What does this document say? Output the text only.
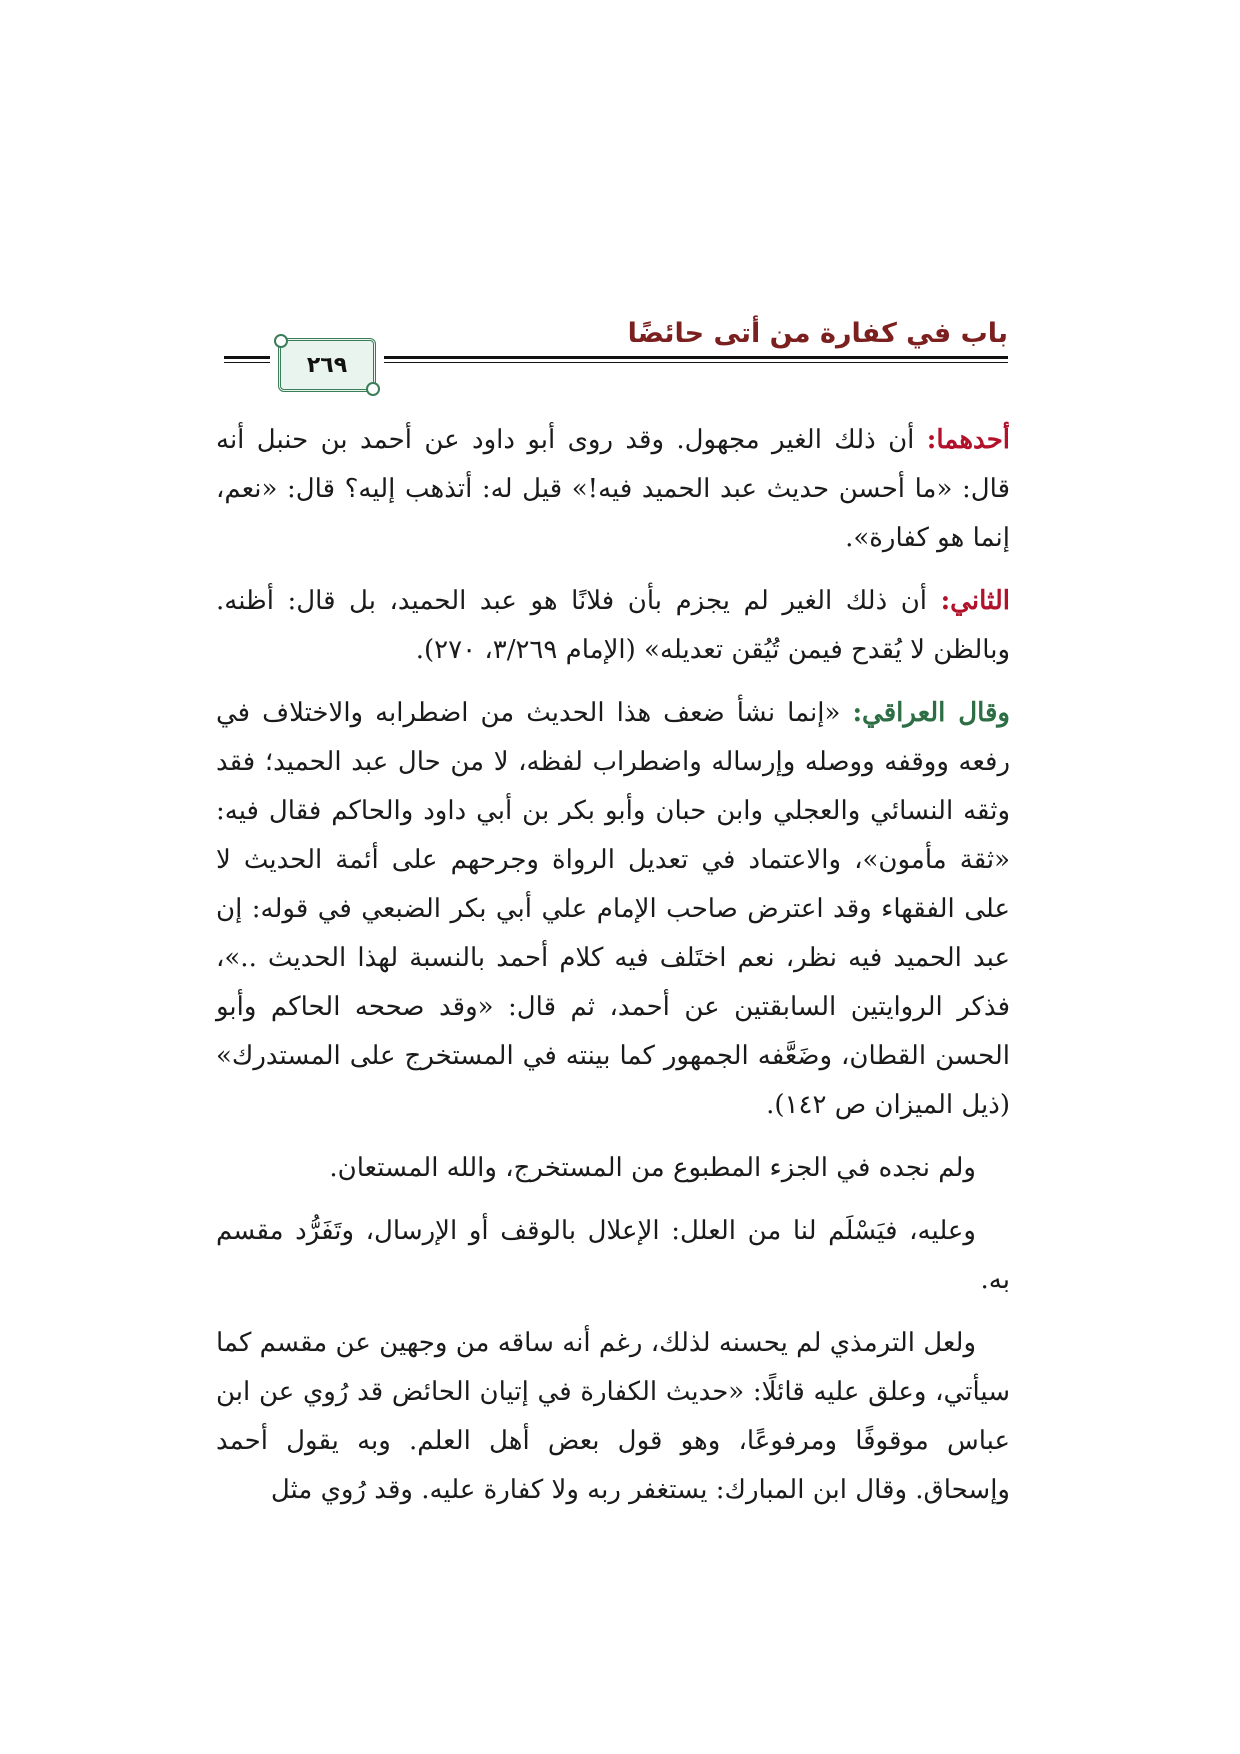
باب في كفارة من أتى حائضًا
٢٦٩

أحدهما: أن ذلك الغير مجهول. وقد روى أبو داود عن أحمد بن حنبل أنه قال: «ما أحسن حديث عبد الحميد فيه!» قيل له: أتذهب إليه؟ قال: «نعم، إنما هو كفارة».

الثاني: أن ذلك الغير لم يجزم بأن فلانًا هو عبد الحميد، بل قال: أظنه. وبالظن لا يُقدح فيمن تُيُقن تعديله» (الإمام ٣/٢٦٩، ٢٧٠).

وقال العراقي: «إنما نشأ ضعف هذا الحديث من اضطرابه والاختلاف في رفعه ووقفه ووصله وإرساله واضطراب لفظه، لا من حال عبد الحميد؛ فقد وثقه النسائي والعجلي وابن حبان وأبو بكر بن أبي داود والحاكم فقال فيه: «ثقة مأمون»، والاعتماد في تعديل الرواة وجرحهم على أئمة الحديث لا على الفقهاء وقد اعترض صاحب الإمام علي أبي بكر الضبعي في قوله: إن عبد الحميد فيه نظر، نعم اختَلف فيه كلام أحمد بالنسبة لهذا الحديث ..»، فذكر الروايتين السابقتين عن أحمد، ثم قال: «وقد صححه الحاكم وأبو الحسن القطان، وضَعَّفه الجمهور كما بينته في المستخرج على المستدرك» (ذيل الميزان ص ١٤٢).

ولم نجده في الجزء المطبوع من المستخرج، والله المستعان.

وعليه، فيَسْلَم لنا من العلل: الإعلال بالوقف أو الإرسال، وتَفَرُّد مقسم به.

ولعل الترمذي لم يحسنه لذلك، رغم أنه ساقه من وجهين عن مقسم كما سيأتي، وعلق عليه قائلًا: «حديث الكفارة في إتيان الحائض قد رُوي عن ابن عباس موقوفًا ومرفوعًا، وهو قول بعض أهل العلم. وبه يقول أحمد وإسحاق. وقال ابن المبارك: يستغفر ربه ولا كفارة عليه. وقد رُوي مثل
